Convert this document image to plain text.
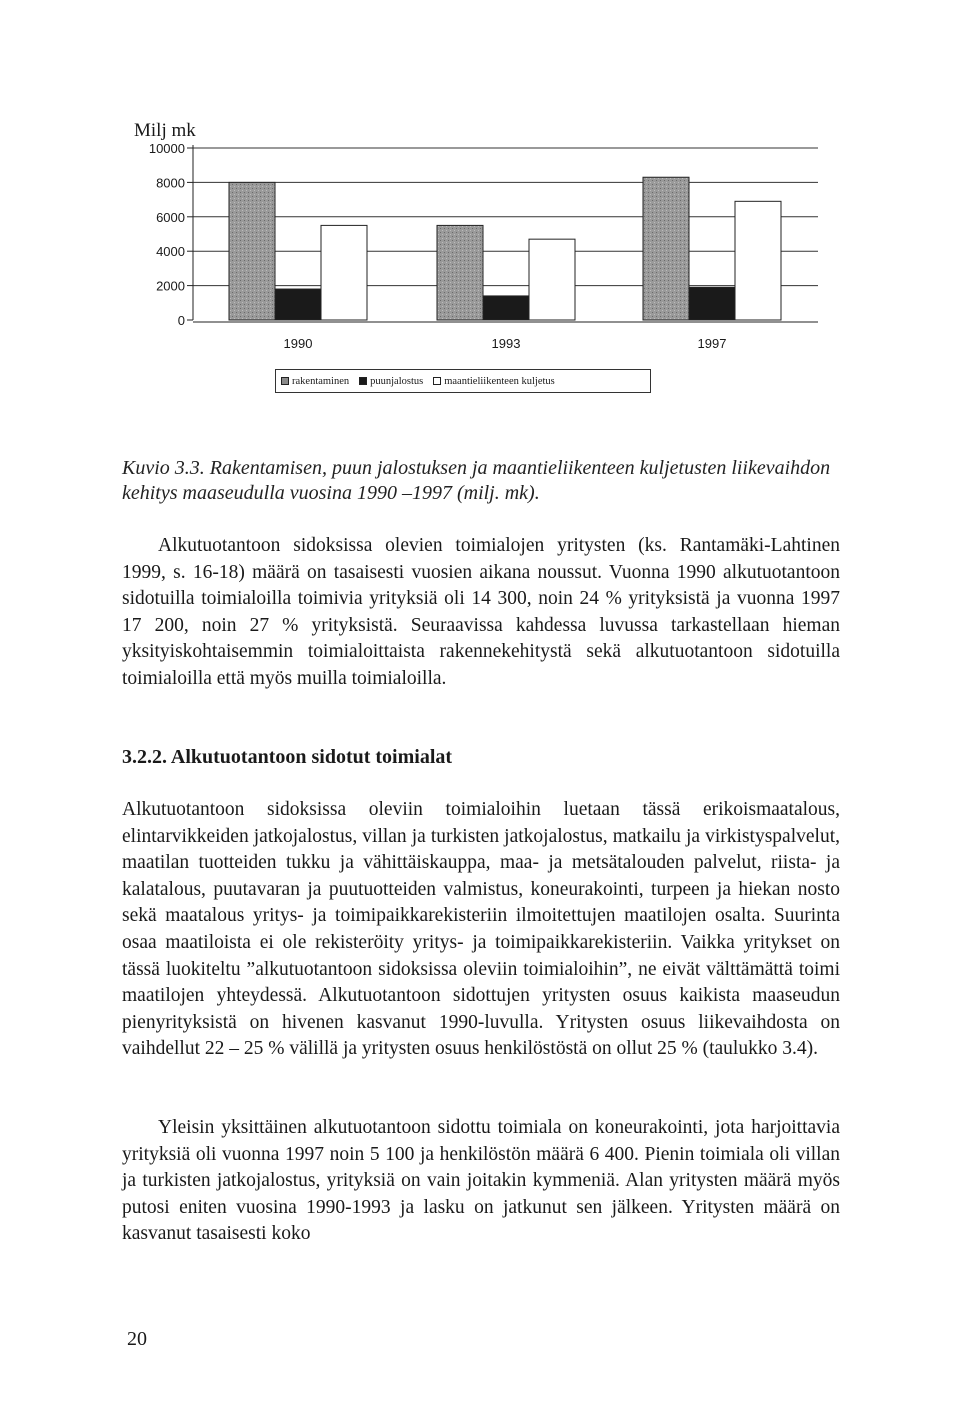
Milj mk
0
2000
4000
6000
8000
10000
1990	1993	1997
rakentaminen puunjalostus maantieliikenteen kuljetus
Kuvio 3.3. Rakentamisen, puun jalostuksen ja maantieliikenteen kuljetusten liikevaihdon kehitys maaseudulla vuosina 1990 –1997 (milj. mk).

Alkutuotantoon sidoksissa olevien toimialojen yritysten (ks. Rantamäki-Lahtinen 1999, s. 16-18) määrä on tasaisesti vuosien aikana noussut. Vuonna 1990 alkutuotantoon sidotuilla toimialoilla toimivia yrityksiä oli 14 300, noin 24 % yrityksistä ja vuonna 1997 17 200, noin 27 % yrityksistä. Seuraavissa kahdessa luvussa tarkastellaan hieman yksityiskohtaisemmin toimialoittaista rakennekehitystä sekä alkutuotantoon sidotuilla toimialoilla että myös muilla toimialoilla.

3.2.2. Alkutuotantoon sidotut toimialat

Alkutuotantoon sidoksissa oleviin toimialoihin luetaan tässä erikoismaatalous, elintarvikkeiden jatkojalostus, villan ja turkisten jatkojalostus, matkailu ja virkistyspalvelut, maatilan tuotteiden tukku ja vähittäiskauppa, maa- ja metsätalouden palvelut, riista- ja kalatalous, puutavaran ja puutuotteiden valmistus, koneurakointi, turpeen ja hiekan nosto sekä maatalous yritys- ja toimipaikkarekisteriin ilmoitettujen maatilojen osalta. Suurinta osaa maatiloista ei ole rekisteröity yritys- ja toimipaikkarekisteriin. Vaikka yritykset on tässä luokiteltu ”alkutuotantoon sidoksissa oleviin toimialoihin”, ne eivät välttämättä toimi maatilojen yhteydessä. Alkutuotantoon sidottujen yritysten osuus kaikista maaseudun pienyrityksistä on hivenen kasvanut 1990-luvulla. Yritysten osuus liikevaihdosta on vaihdellut 22 – 25 % välillä ja yritysten osuus henkilöstöstä on ollut 25 % (taulukko 3.4).

Yleisin yksittäinen alkutuotantoon sidottu toimiala on koneurakointi, jota harjoittavia yrityksiä oli vuonna 1997 noin 5 100 ja henkilöstön määrä 6 400. Pienin toimiala oli villan ja turkisten jatkojalostus, yrityksiä on vain joitakin kymmeniä. Alan yritysten määrä myös putosi eniten vuosina 1990-1993 ja lasku on jatkunut sen jälkeen. Yritysten määrä on kasvanut tasaisesti koko

20
